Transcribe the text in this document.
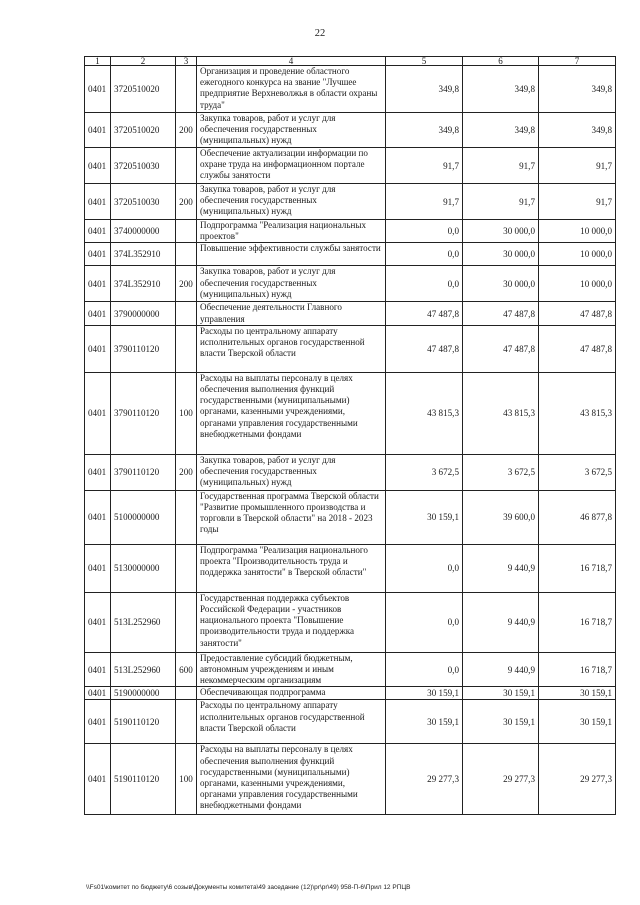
22
1	2	3	4	5	6	7
0401	3720510020		Организация и проведение областного ежегодного конкурса на звание "Лучшее предприятие Верхневолжья в области охраны труда"	349,8	349,8	349,8
0401	3720510020	200	Закупка товаров, работ и услуг для обеспечения государственных (муниципальных) нужд	349,8	349,8	349,8
0401	3720510030		Обеспечение актуализации информации по охране труда на информационном портале службы занятости	91,7	91,7	91,7
0401	3720510030	200	Закупка товаров, работ и услуг для обеспечения государственных (муниципальных) нужд	91,7	91,7	91,7
0401	3740000000		Подпрограмма "Реализация национальных проектов"	0,0	30 000,0	10 000,0
0401	374L352910		Повышение эффективности службы занятости	0,0	30 000,0	10 000,0
0401	374L352910	200	Закупка товаров, работ и услуг для обеспечения государственных (муниципальных) нужд	0,0	30 000,0	10 000,0
0401	3790000000		Обеспечение деятельности Главного управления	47 487,8	47 487,8	47 487,8
0401	3790110120		Расходы по центральному аппарату исполнительных органов государственной власти Тверской области	47 487,8	47 487,8	47 487,8
0401	3790110120	100	Расходы на выплаты персоналу в целях обеспечения выполнения функций государственными (муниципальными) органами, казенными учреждениями, органами управления государственными внебюджетными фондами	43 815,3	43 815,3	43 815,3
0401	3790110120	200	Закупка товаров, работ и услуг для обеспечения государственных (муниципальных) нужд	3 672,5	3 672,5	3 672,5
0401	5100000000		Государственная программа Тверской области "Развитие промышленного производства и торговли в Тверской области" на 2018 - 2023 годы	30 159,1	39 600,0	46 877,8
0401	5130000000		Подпрограмма "Реализация национального проекта "Производительность труда и поддержка занятости" в Тверской области"	0,0	9 440,9	16 718,7
0401	513L252960		Государственная поддержка субъектов Российской Федерации - участников национального проекта "Повышение производительности труда и поддержка занятости"	0,0	9 440,9	16 718,7
0401	513L252960	600	Предоставление субсидий бюджетным, автономным учреждениям и иным некоммерческим организациям	0,0	9 440,9	16 718,7
0401	5190000000		Обеспечивающая подпрограмма	30 159,1	30 159,1	30 159,1
0401	5190110120		Расходы по центральному аппарату исполнительных органов государственной власти Тверской области	30 159,1	30 159,1	30 159,1
0401	5190110120	100	Расходы на выплаты персоналу в целях обеспечения выполнения функций государственными (муниципальными) органами, казенными учреждениями, органами управления государственными внебюджетными фондами	29 277,3	29 277,3	29 277,3
\\Fs01\комитет по бюджету\6 созыв\Документы комитета\49 заседание (12)\pr\pr\49) 958-П-6\Прил 12 РПЦВ
